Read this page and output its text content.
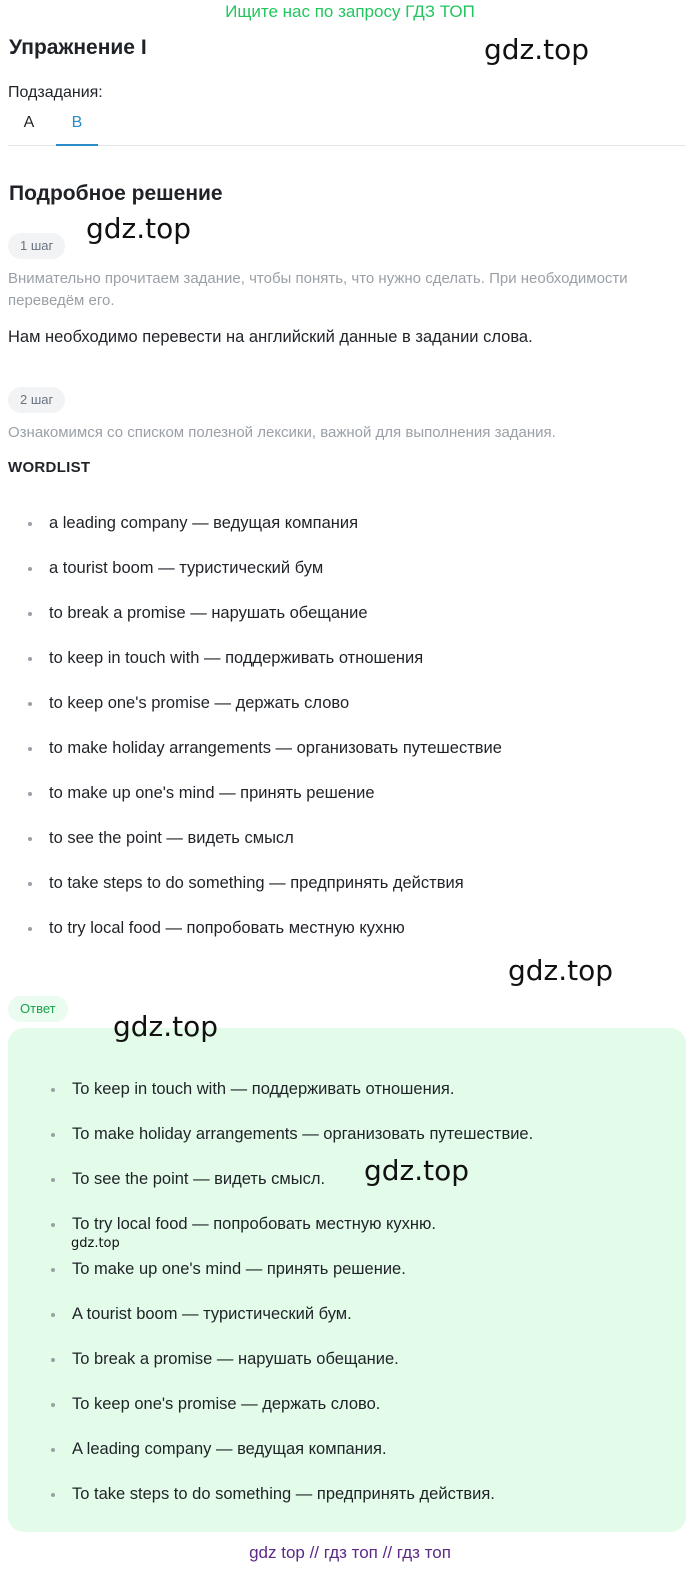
Ищите нас по запросу ГДЗ ТОП
Упражнение I	gdz.top
Подзадания:
A	B
Подробное решение
gdz.top
1 шаг
Внимательно прочитаем задание, чтобы понять, что нужно сделать. При необходимости переведём его.
Нам необходимо перевести на английский данные в задании слова.
2 шаг
Ознакомимся со списком полезной лексики, важной для выполнения задания.
WORDLIST
a leading company — ведущая компания
a tourist boom — туристический бум
to break a promise — нарушать обещание
to keep in touch with — поддерживать отношения
to keep one's promise — держать слово
to make holiday arrangements — организовать путешествие
to make up one's mind — принять решение
to see the point — видеть смысл
to take steps to do something — предпринять действия
to try local food — попробовать местную кухню
gdz.top
Ответ
gdz.top
To keep in touch with — поддерживать отношения.
To make holiday arrangements — организовать путешествие.
To see the point — видеть смысл.
To try local food — попробовать местную кухню.
To make up one's mind — принять решение.
A tourist boom — туристический бум.
To break a promise — нарушать обещание.
To keep one's promise — держать слово.
A leading company — ведущая компания.
To take steps to do something — предпринять действия.
gdz.top
gdz.top
gdz top // гдз топ // гдз топ
